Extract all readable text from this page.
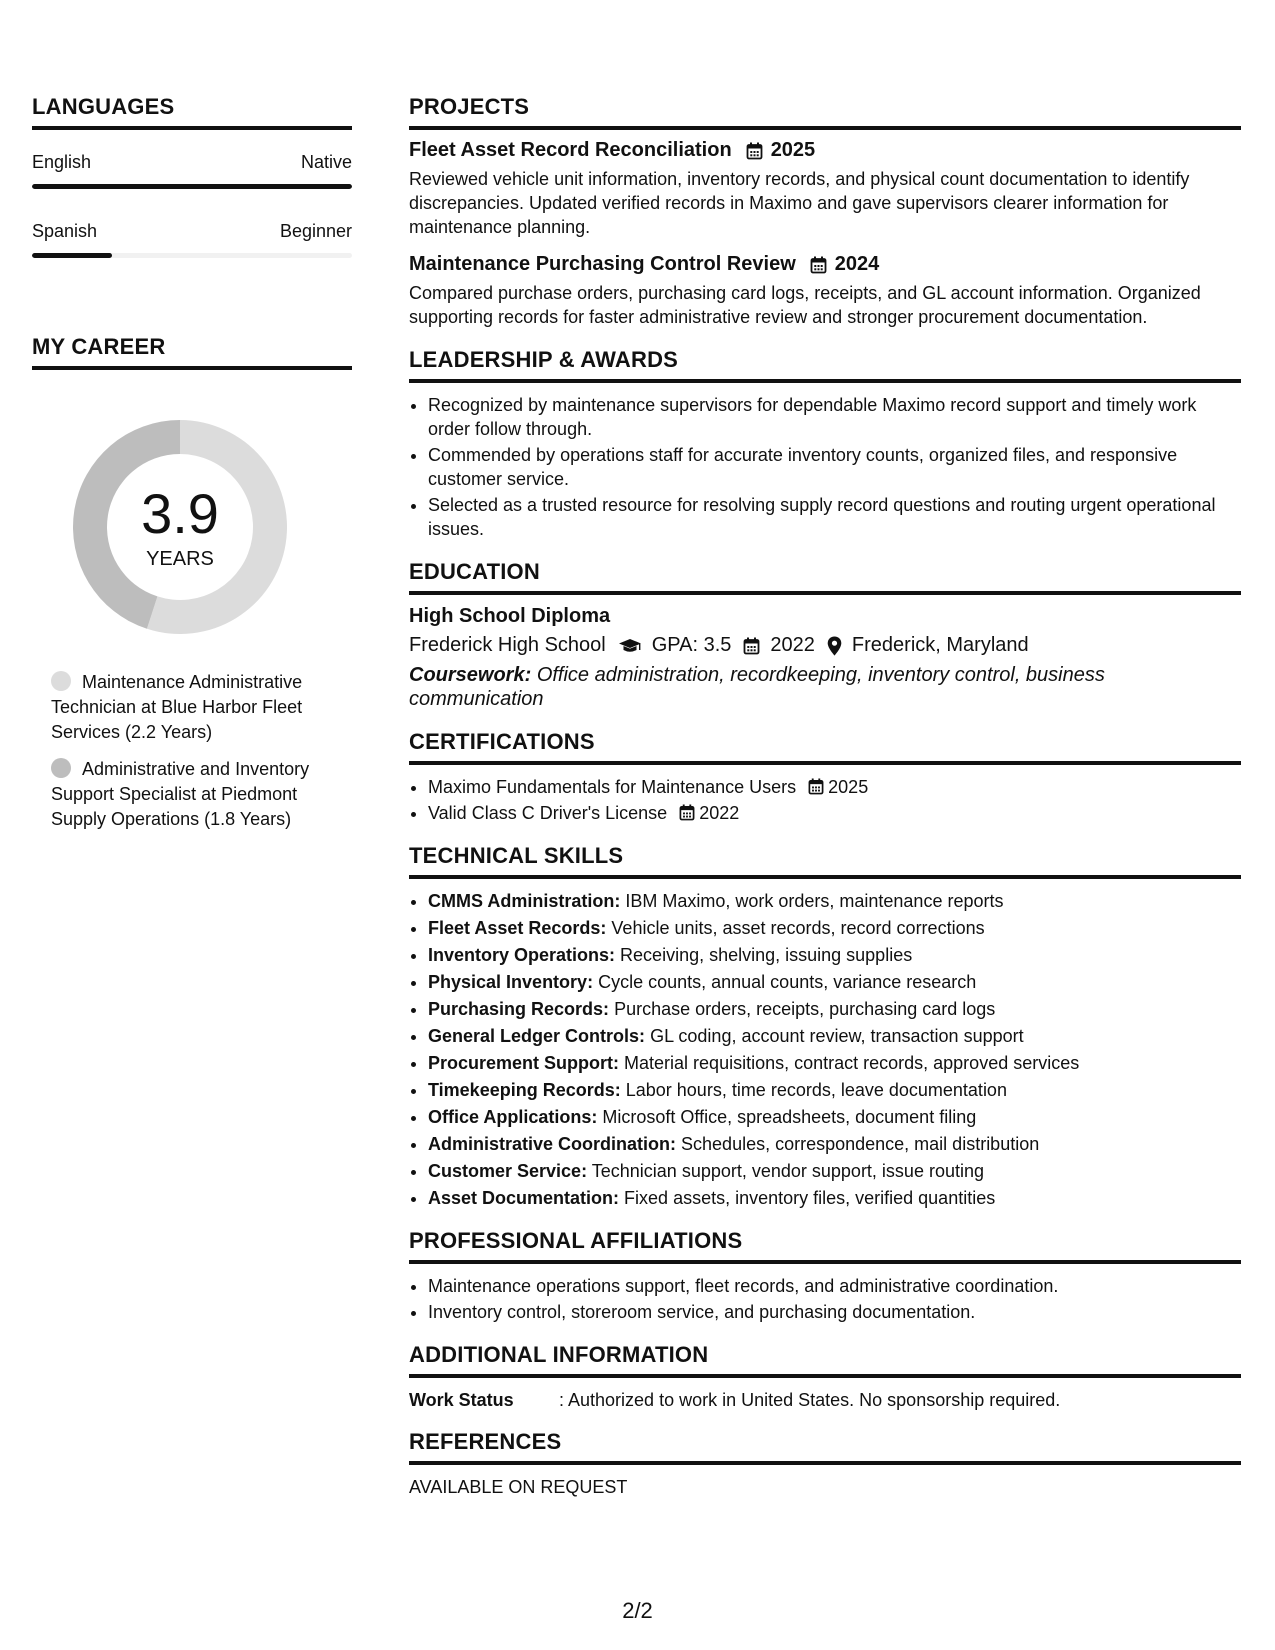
LANGUAGES
English	Native
Spanish	Beginner
MY CAREER
3.9
YEARS
Maintenance Administrative Technician at Blue Harbor Fleet Services (2.2 Years)
Administrative and Inventory Support Specialist at Piedmont Supply Operations (1.8 Years)
PROJECTS
Fleet Asset Record Reconciliation 2025
Reviewed vehicle unit information, inventory records, and physical count documentation to identify discrepancies. Updated verified records in Maximo and gave supervisors clearer information for maintenance planning.
Maintenance Purchasing Control Review 2024
Compared purchase orders, purchasing card logs, receipts, and GL account information. Organized supporting records for faster administrative review and stronger procurement documentation.
LEADERSHIP & AWARDS
• Recognized by maintenance supervisors for dependable Maximo record support and timely work order follow through.
• Commended by operations staff for accurate inventory counts, organized files, and responsive customer service.
• Selected as a trusted resource for resolving supply record questions and routing urgent operational issues.
EDUCATION
High School Diploma
Frederick High School GPA: 3.5 2022 Frederick, Maryland
Coursework: Office administration, recordkeeping, inventory control, business communication
CERTIFICATIONS
• Maximo Fundamentals for Maintenance Users 2025
• Valid Class C Driver's License 2022
TECHNICAL SKILLS
• CMMS Administration: IBM Maximo, work orders, maintenance reports
• Fleet Asset Records: Vehicle units, asset records, record corrections
• Inventory Operations: Receiving, shelving, issuing supplies
• Physical Inventory: Cycle counts, annual counts, variance research
• Purchasing Records: Purchase orders, receipts, purchasing card logs
• General Ledger Controls: GL coding, account review, transaction support
• Procurement Support: Material requisitions, contract records, approved services
• Timekeeping Records: Labor hours, time records, leave documentation
• Office Applications: Microsoft Office, spreadsheets, document filing
• Administrative Coordination: Schedules, correspondence, mail distribution
• Customer Service: Technician support, vendor support, issue routing
• Asset Documentation: Fixed assets, inventory files, verified quantities
PROFESSIONAL AFFILIATIONS
• Maintenance operations support, fleet records, and administrative coordination.
• Inventory control, storeroom service, and purchasing documentation.
ADDITIONAL INFORMATION
Work Status	: Authorized to work in United States. No sponsorship required.
REFERENCES
AVAILABLE ON REQUEST
2/2
